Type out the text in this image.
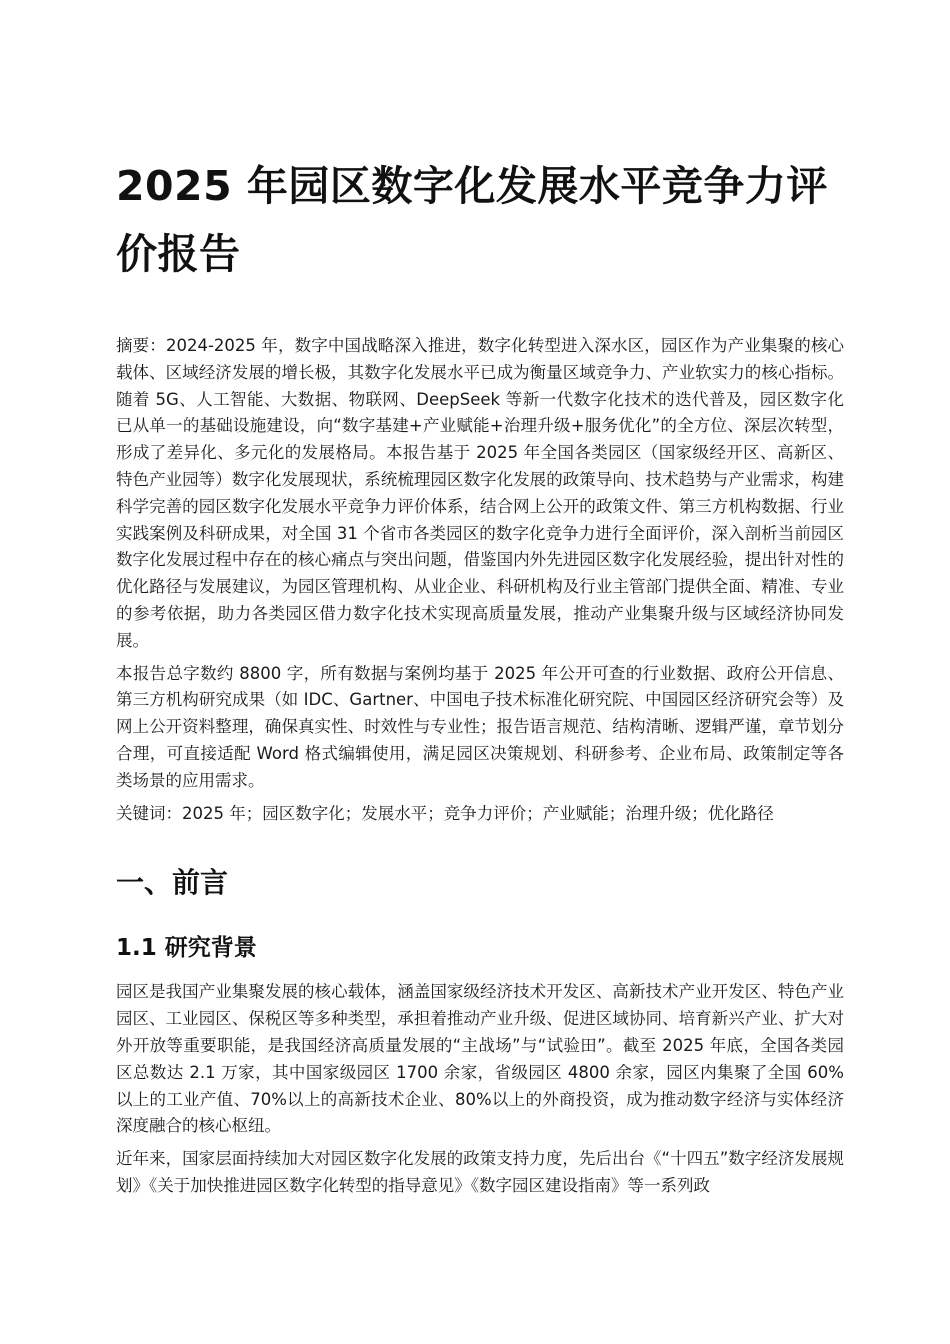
2025 年园区数字化发展水平竞争力评价报告

摘要：2024-2025 年，数字中国战略深入推进，数字化转型进入深水区，园区作为产业集聚的核心载体、区域经济发展的增长极，其数字化发展水平已成为衡量区域竞争力、产业软实力的核心指标。随着 5G、人工智能、大数据、物联网、DeepSeek 等新一代数字化技术的迭代普及，园区数字化已从单一的基础设施建设，向“数字基建+产业赋能+治理升级+服务优化”的全方位、深层次转型，形成了差异化、多元化的发展格局。本报告基于 2025 年全国各类园区（国家级经开区、高新区、特色产业园等）数字化发展现状，系统梳理园区数字化发展的政策导向、技术趋势与产业需求，构建科学完善的园区数字化发展水平竞争力评价体系，结合网上公开的政策文件、第三方机构数据、行业实践案例及科研成果，对全国 31 个省市各类园区的数字化竞争力进行全面评价，深入剖析当前园区数字化发展过程中存在的核心痛点与突出问题，借鉴国内外先进园区数字化发展经验，提出针对性的优化路径与发展建议，为园区管理机构、从业企业、科研机构及行业主管部门提供全面、精准、专业的参考依据，助力各类园区借力数字化技术实现高质量发展，推动产业集聚升级与区域经济协同发展。

本报告总字数约 8800 字，所有数据与案例均基于 2025 年公开可查的行业数据、政府公开信息、第三方机构研究成果（如 IDC、Gartner、中国电子技术标准化研究院、中国园区经济研究会等）及网上公开资料整理，确保真实性、时效性与专业性；报告语言规范、结构清晰、逻辑严谨，章节划分合理，可直接适配 Word 格式编辑使用，满足园区决策规划、科研参考、企业布局、政策制定等各类场景的应用需求。

关键词：2025 年；园区数字化；发展水平；竞争力评价；产业赋能；治理升级；优化路径

一、前言
1.1 研究背景

园区是我国产业集聚发展的核心载体，涵盖国家级经济技术开发区、高新技术产业开发区、特色产业园区、工业园区、保税区等多种类型，承担着推动产业升级、促进区域协同、培育新兴产业、扩大对外开放等重要职能，是我国经济高质量发展的“主战场”与“试验田”。截至 2025 年底，全国各类园区总数达 2.1 万家，其中国家级园区 1700 余家，省级园区 4800 余家，园区内集聚了全国 60%以上的工业产值、70%以上的高新技术企业、80%以上的外商投资，成为推动数字经济与实体经济深度融合的核心枢纽。

近年来，国家层面持续加大对园区数字化发展的政策支持力度，先后出台《“十四五”数字经济发展规划》《关于加快推进园区数字化转型的指导意见》《数字园区建设指南》等一系列政
